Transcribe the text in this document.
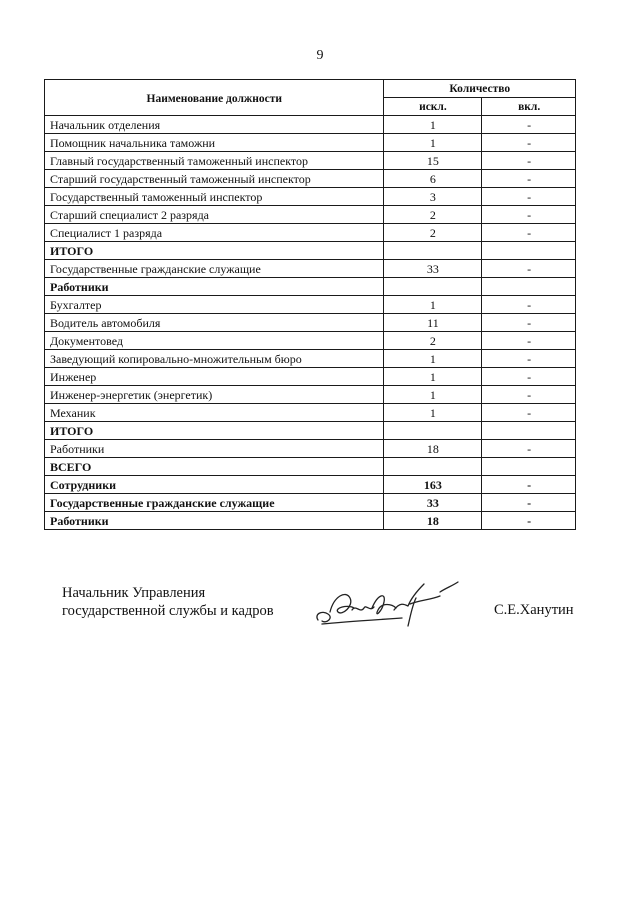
9
Наименование должности	Количество	
	искл.	вкл.
Начальник отделения	1	-
Помощник начальника таможни	1	-
Главный государственный таможенный инспектор	15	-
Старший государственный таможенный инспектор	6	-
Государственный таможенный инспектор	3	-
Старший специалист 2 разряда	2	-
Специалист 1 разряда	2	-
ИТОГО		
Государственные гражданские служащие	33	-
Работники		
Бухгалтер	1	-
Водитель автомобиля	11	-
Документовед	2	-
Заведующий копировально-множительным бюро	1	-
Инженер	1	-
Инженер-энергетик (энергетик)	1	-
Механик	1	-
ИТОГО		
Работники	18	-
ВСЕГО		
Сотрудники	163	-
Государственные гражданские служащие	33	-
Работники	18	-
Начальник Управления
государственной службы и кадров	С.Е.Ханутин
